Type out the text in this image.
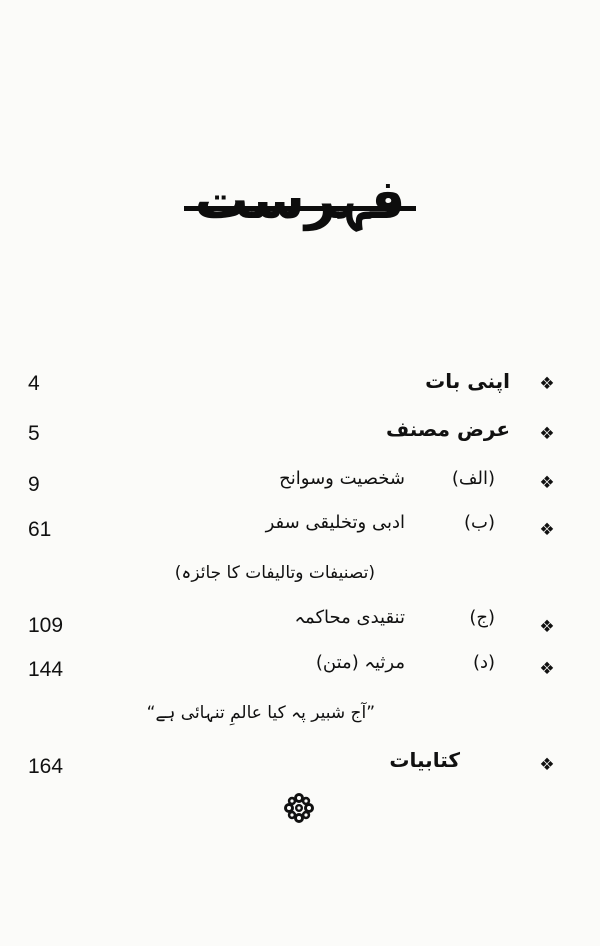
فہرست
❖
اپنی بات
4
❖
عرض مصنف
5
❖
(الف)
شخصیت وسوانح
9
❖
(ب)
ادبی وتخلیقی سفر
61
(تصنیفات وتالیفات کا جائزہ)
❖
(ج)
تنقیدی محاکمہ
109
❖
(د)
مرثیہ (متن)
144
”آج شبیر پہ کیا عالمِ تنہائی ہے“
❖
کتابیات
164
